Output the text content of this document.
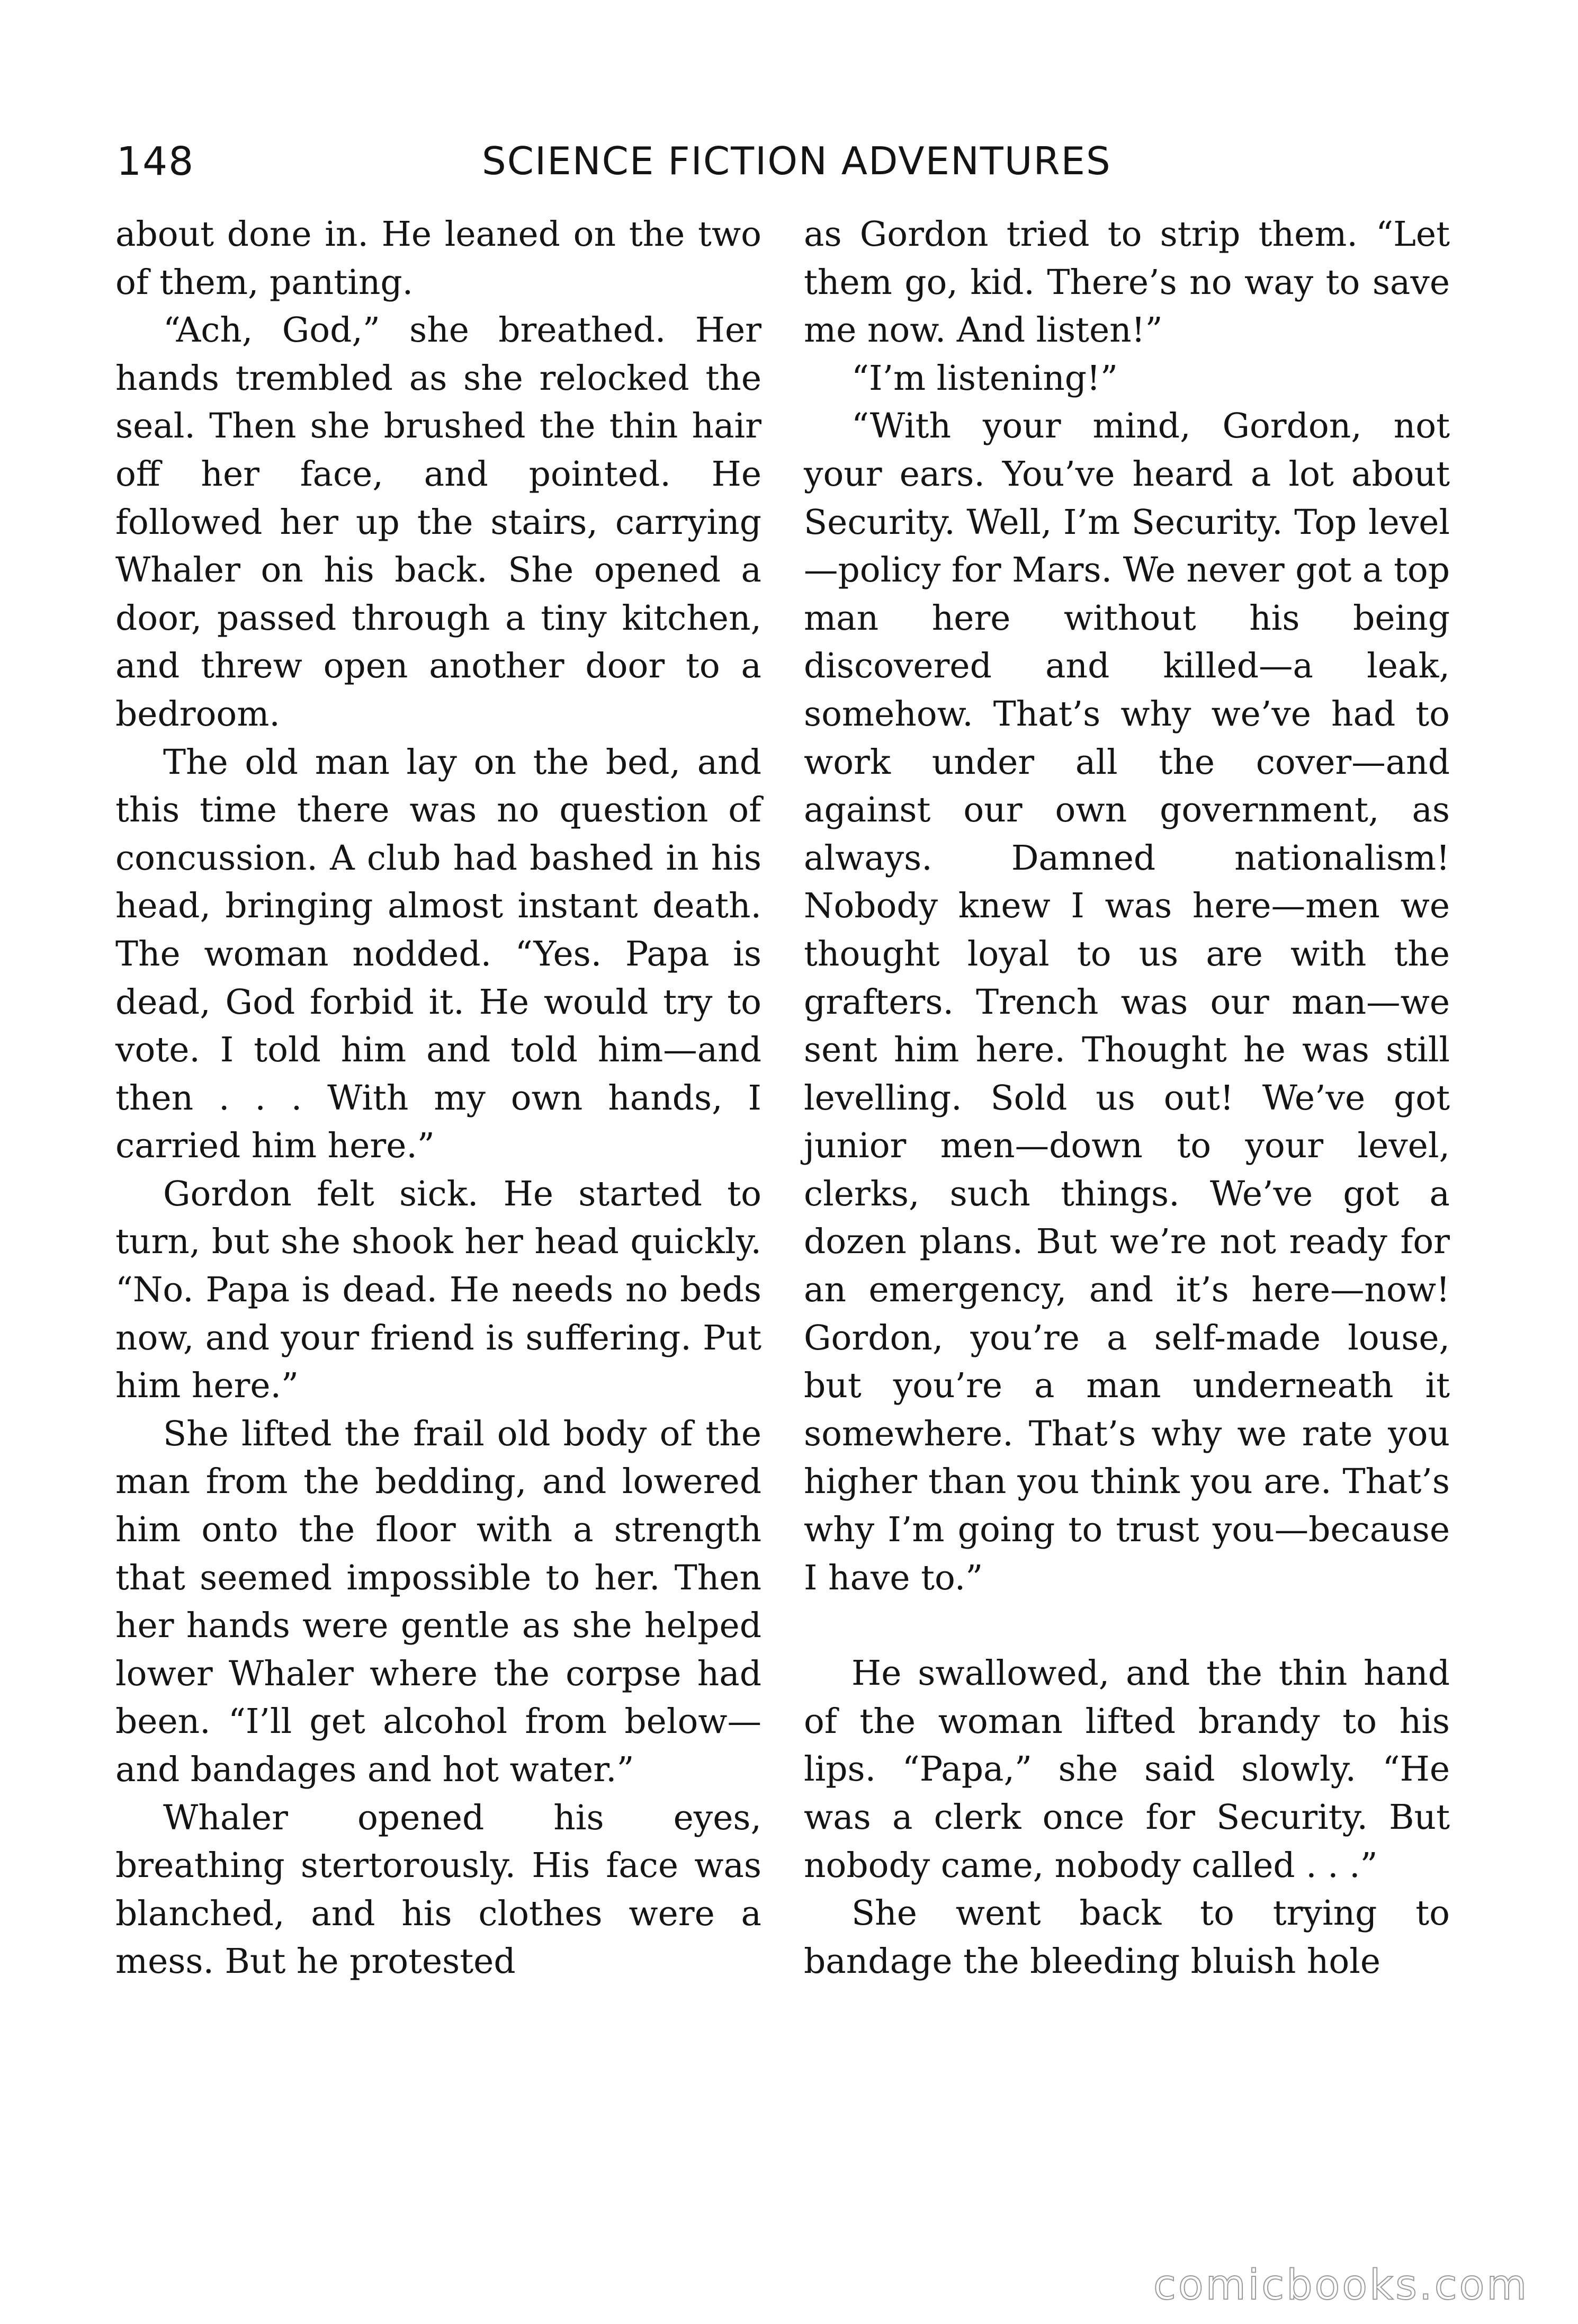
148	SCIENCE FICTION ADVENTURES

about done in. He leaned on the two of them, panting.

“Ach, God,” she breathed. Her hands trembled as she relocked the seal. Then she brushed the thin hair off her face, and pointed. He followed her up the stairs, carrying Whaler on his back. She opened a door, passed through a tiny kitchen, and threw open another door to a bedroom.

The old man lay on the bed, and this time there was no question of concussion. A club had bashed in his head, bringing almost instant death. The woman nodded. “Yes. Papa is dead, God forbid it. He would try to vote. I told him and told him—and then . . . With my own hands, I carried him here.”

Gordon felt sick. He started to turn, but she shook her head quickly. “No. Papa is dead. He needs no beds now, and your friend is suffering. Put him here.”

She lifted the frail old body of the man from the bedding, and lowered him onto the floor with a strength that seemed impossible to her. Then her hands were gentle as she helped lower Whaler where the corpse had been. “I’ll get alcohol from below—and bandages and hot water.”

Whaler opened his eyes, breathing stertorously. His face was blanched, and his clothes were a mess. But he protested

as Gordon tried to strip them. “Let them go, kid. There’s no way to save me now. And listen!”

“I’m listening!”

“With your mind, Gordon, not your ears. You’ve heard a lot about Security. Well, I’m Security. Top level—policy for Mars. We never got a top man here without his being discovered and killed—a leak, somehow. That’s why we’ve had to work under all the cover—and against our own government, as always. Damned nationalism! Nobody knew I was here—men we thought loyal to us are with the grafters. Trench was our man—we sent him here. Thought he was still levelling. Sold us out! We’ve got junior men—down to your level, clerks, such things. We’ve got a dozen plans. But we’re not ready for an emergency, and it’s here—now! Gordon, you’re a self-made louse, but you’re a man underneath it somewhere. That’s why we rate you higher than you think you are. That’s why I’m going to trust you—because I have to.”

He swallowed, and the thin hand of the woman lifted brandy to his lips. “Papa,” she said slowly. “He was a clerk once for Security. But nobody came, nobody called . . .”

She went back to trying to bandage the bleeding bluish hole

comicbooks.com
